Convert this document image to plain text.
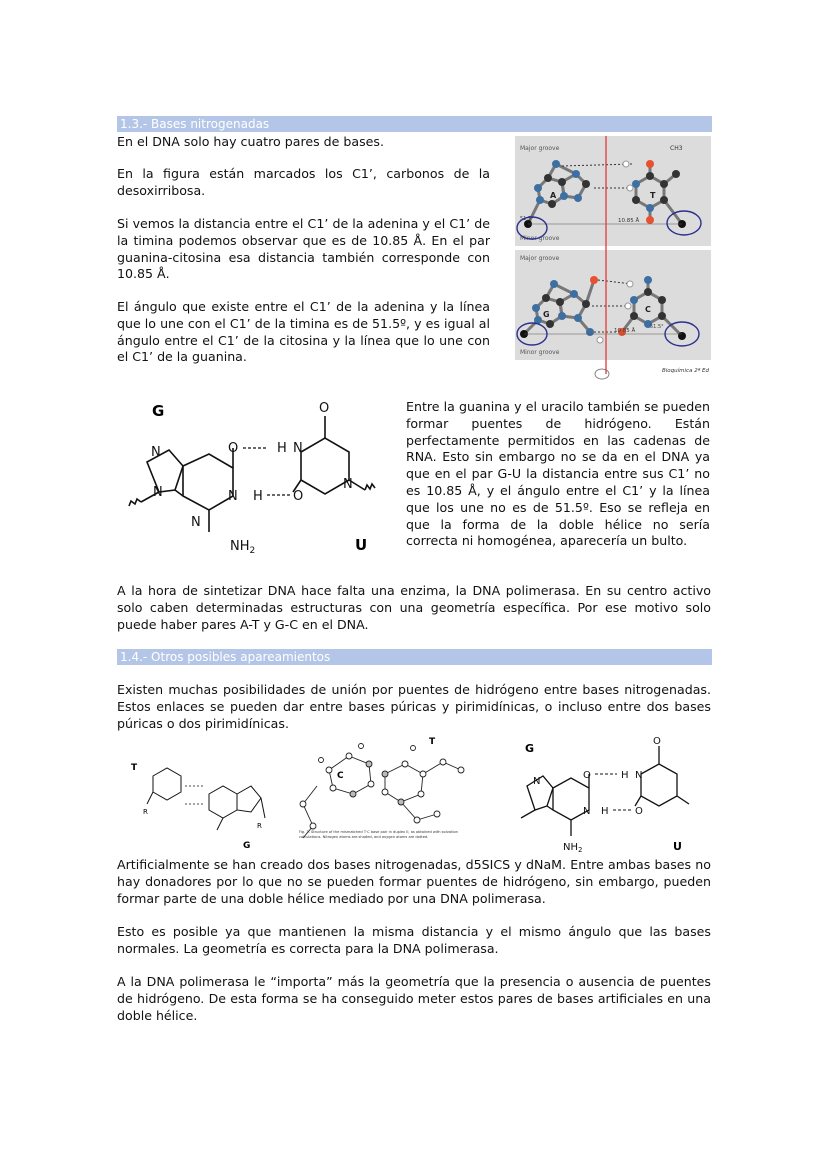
1.3.- Bases nitrogenadas
En el DNA solo hay cuatro pares de bases.
En la figura están marcados los C1’, carbonos de la desoxirribosa.
Si vemos la distancia entre el C1’ de la adenina y el C1’ de la timina podemos observar que es de 10.85 Å. En el par guanina-citosina esa distancia también corresponde con 10.85 Å.
El ángulo que existe entre el C1’ de la adenina y la línea que lo une con el C1’ de la timina es de 51.5º, y es igual al ángulo entre el C1’ de la citosina y la línea que lo une con el C1’ de la guanina.
Major groove
Minor groove
CH3
A	T
10.85 Å
51.5°
Major groove
Minor groove
G
C
10.85 Å
51.5°
Bioquímica 2ª Ed
G
U
N
N
O
N
N
$NH_2$
H N
H O
O
N
Entre la guanina y el uracilo también se pueden formar puentes de hidrógeno. Están perfectamente permitidos en las cadenas de RNA. Esto sin embargo no se da en el DNA ya que en el par G-U la distancia entre sus C1’ no es 10.85 Å, y el ángulo entre el C1’ y la línea que los une no es de 51.5º. Eso se refleja en que la forma de la doble hélice no sería correcta ni homogénea, aparecería un bulto.
A la hora de sintetizar DNA hace falta una enzima, la DNA polimerasa. En su centro activo solo caben determinadas estructuras con una geometría específica. Por ese motivo solo puede haber pares A-T y G-C en el DNA.
1.4.- Otros posibles apareamientos
Existen muchas posibilidades de unión por puentes de hidrógeno entre bases nitrogenadas. Estos enlaces se pueden dar entre bases púricas y pirimidínicas, o incluso entre dos bases púricas o dos pirimidínicas.
T
G
R
R
C
T
Fig. 3. Structure of the mismatched T·C base pair in duplex II, as obtained with solvation calculations. Nitrogen atoms are shaded, and oxygen atoms are dotted.
G
U
N
O
N
H N
H	O
O
$NH_2$
Artificialmente se han creado dos bases nitrogenadas, d5SICS y dNaM. Entre ambas bases no hay donadores por lo que no se pueden formar puentes de hidrógeno, sin embargo, pueden formar parte de una doble hélice mediado por una DNA polimerasa.
Esto es posible ya que mantienen la misma distancia y el mismo ángulo que las bases normales. La geometría es correcta para la DNA polimerasa.
A la DNA polimerasa le “importa” más la geometría que la presencia o ausencia de puentes de hidrógeno. De esta forma se ha conseguido meter estos pares de bases artificiales en una doble hélice.
